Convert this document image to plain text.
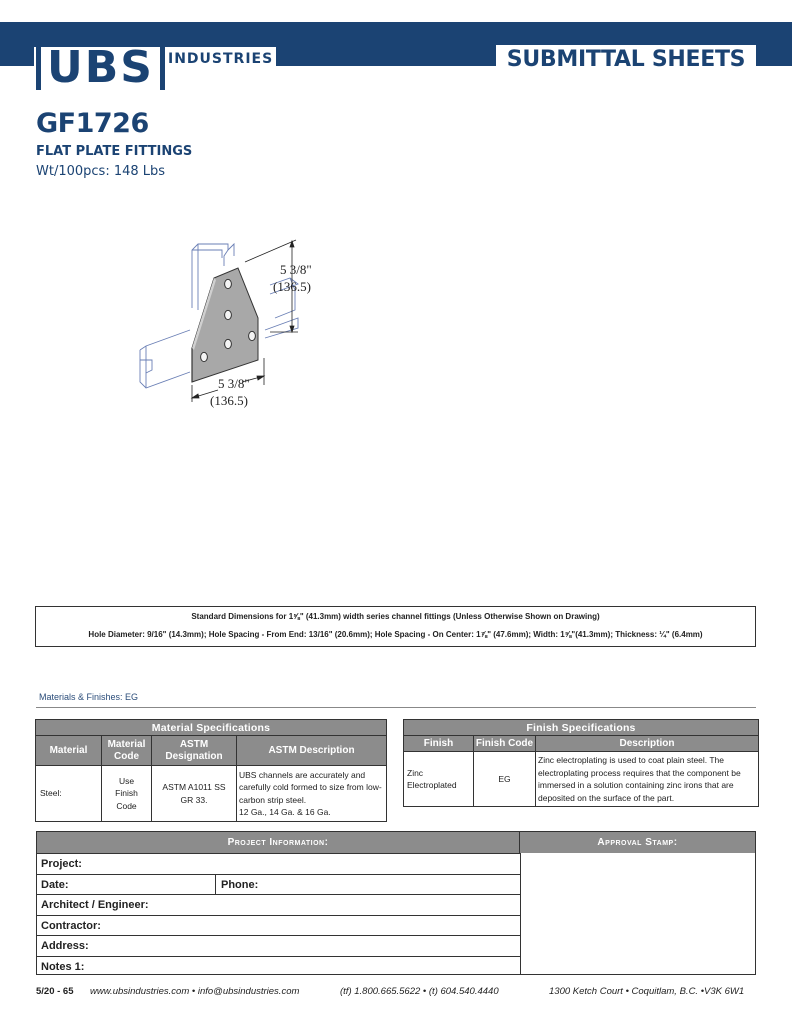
UBS	INDUSTRIES	SUBMITTAL SHEETS
GF1726
FLAT PLATE FITTINGS
Wt/100pcs: 148 Lbs
5 3/8"
(136.5)
5 3/8"
(136.5)
Standard Dimensions for 1⅝" (41.3mm) width series channel fittings (Unless Otherwise Shown on Drawing)
Hole Diameter: 9/16" (14.3mm); Hole Spacing - From End: 13/16" (20.6mm); Hole Spacing - On Center: 1⅞" (47.6mm); Width: 1⅝"(41.3mm); Thickness: ¼" (6.4mm)
Materials & Finishes: EG
Material Specifications			
Material	Material Code	ASTM Designation	ASTM Description
Steel:	Use Finish Code	ASTM A1011 SS GR 33.	UBS channels are accurately and carefully cold formed to size from low-carbon strip steel.
12 Ga., 14 Ga. & 16 Ga.
Finish Specifications		
Finish	Finish Code	Description
Zinc Electroplated	EG	Zinc electroplating is used to coat plain steel. The electroplating process requires that the component be immersed in a solution containing zinc irons that are deposited on the surface of the part.
Project Information:	Approval Stamp:
Project:
Date:	Phone:
Architect / Engineer:
Contractor:
Address:
Notes 1:
5/20 - 65 www.ubsindustries.com • info@ubsindustries.com	(tf) 1.800.665.5622 • (t) 604.540.4440	1300 Ketch Court • Coquitlam, B.C. •V3K 6W1
